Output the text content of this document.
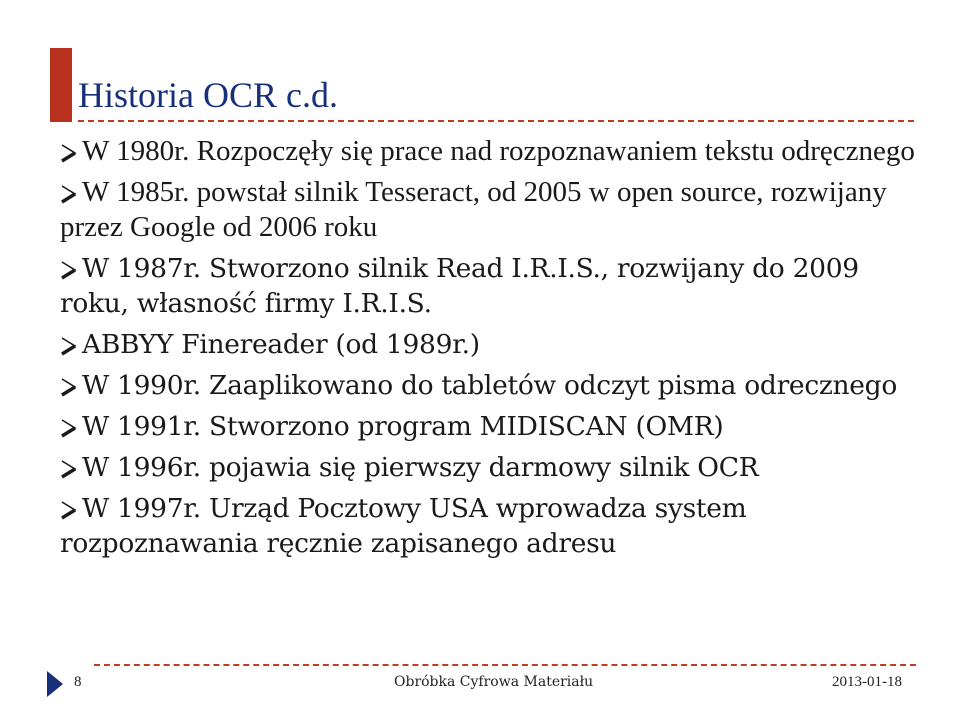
Historia OCR c.d.
W 1980r. Rozpoczęły się prace nad rozpoznawaniem tekstu odręcznego
W 1985r. powstał silnik Tesseract, od 2005 w open source, rozwijany przez Google od 2006 roku
W 1987r. Stworzono silnik Read I.R.I.S., rozwijany do 2009 roku, własność firmy I.R.I.S.
ABBYY Finereader (od 1989r.)
W 1990r. Zaaplikowano do tabletów odczyt pisma odrecznego
W 1991r. Stworzono program MIDISCAN (OMR)
W 1996r. pojawia się pierwszy darmowy silnik OCR
W 1997r. Urząd Pocztowy USA wprowadza system rozpoznawania ręcznie zapisanego adresu
8	Obróbka Cyfrowa Materiału	2013-01-18
